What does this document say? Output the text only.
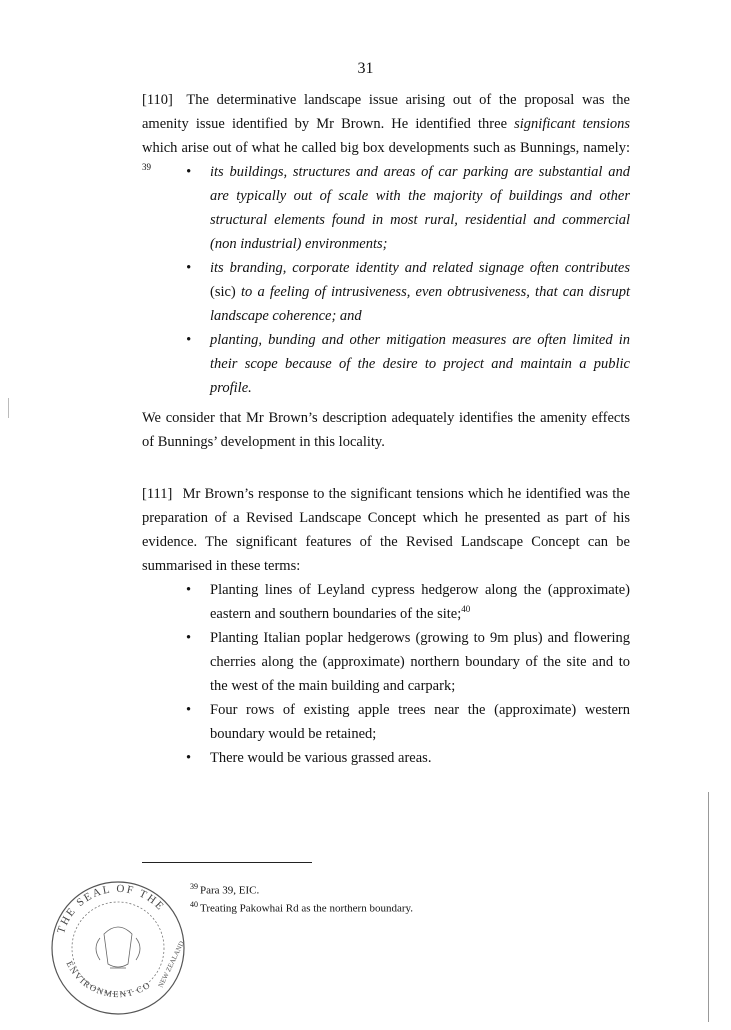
31

[110] The determinative landscape issue arising out of the proposal was the amenity issue identified by Mr Brown. He identified three significant tensions which arise out of what he called big box developments such as Bunnings, namely: $^{39}$	• its buildings, structures and areas of car parking are substantial and are typically out of scale with the majority of buildings and other structural elements found in most rural, residential and commercial (non industrial) environments;
• its branding, corporate identity and related signage often contributes (sic) to a feeling of intrusiveness, even obtrusiveness, that can disrupt landscape coherence; and
• planting, bunding and other mitigation measures are often limited in their scope because of the desire to project and maintain a public profile.

We consider that Mr Brown’s description adequately identifies the amenity effects of Bunnings’ development in this locality.

[111] Mr Brown’s response to the significant tensions which he identified was the preparation of a Revised Landscape Concept which he presented as part of his evidence. The significant features of the Revised Landscape Concept can be summarised in these terms:

• Planting lines of Leyland cypress hedgerow along the (approximate) eastern and southern boundaries of the site;$^{40}$
• Planting Italian poplar hedgerows (growing to 9m plus) and flowering cherries along the (approximate) northern boundary of the site and to the west of the main building and carpark;
• Four rows of existing apple trees near the (approximate) western boundary would be retained;
• There would be various grassed areas.
$^{39}$ Para 39, EIC.
$^{40}$ Treating Pakowhai Rd as the northern boundary.
THE SEAL OF THE
ENVIRONMENT CO NEW ZEALAND
